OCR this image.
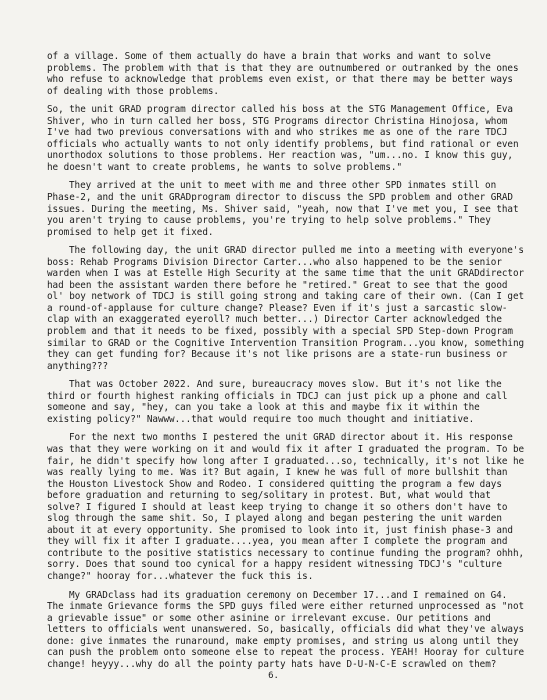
of a village. Some of them actually do have a brain that works and want to solve problems. The problem with that is that they are outnumbered or outranked by the ones who refuse to acknowledge that problems even exist, or that there may be better ways of dealing with those problems.

So, the unit GRAD program director called his boss at the STG Management Office, Eva Shiver, who in turn called her boss, STG Programs director Christina Hinojosa, whom I've had two previous conversations with and who strikes me as one of the rare TDCJ officials who actually wants to not only identify problems, but find rational or even unorthodox solutions to those problems. Her reaction was, "um...no. I know this guy, he doesn't want to create problems, he wants to solve problems."

They arrived at the unit to meet with me and three other SPD inmates still on Phase-2, and the unit GRADprogram director to discuss the SPD problem and other GRAD issues. During the meeting, Ms. Shiver said, "yeah, now that I've met you, I see that you aren't trying to cause problems, you're trying to help solve problems." They promised to help get it fixed.

The following day, the unit GRAD director pulled me into a meeting with everyone's boss: Rehab Programs Division Director Carter...who also happened to be the senior warden when I was at Estelle High Security at the same time that the unit GRADdirector had been the assistant warden there before he "retired." Great to see that the good ol' boy network of TDCJ is still going strong and taking care of their own. (Can I get a round-of-applause for culture change? Please? Even if it's just a sarcastic slow-clap with an exaggerated eyeroll? much better...) Director Carter acknowledged the problem and that it needs to be fixed, possibly with a special SPD Step-down Program similar to GRAD or the Cognitive Intervention Transition Program...you know, something they can get funding for? Because it's not like prisons are a state-run business or anything???

That was October 2022. And sure, bureaucracy moves slow. But it's not like the third or fourth highest ranking officials in TDCJ can just pick up a phone and call someone and say, "hey, can you take a look at this and maybe fix it within the existing policy?" Nawww...that would require too much thought and initiative.

For the next two months I pestered the unit GRAD director about it. His response was that they were working on it and would fix it after I graduated the program. To be fair, he didn't specify how long after I graduated...so, technically, it's not like he was really lying to me. Was it? But again, I knew he was full of more bullshit than the Houston Livestock Show and Rodeo. I considered quitting the program a few days before graduation and returning to seg/solitary in protest. But, what would that solve? I figured I should at least keep trying to change it so others don't have to slog through the same shit. So, I played along and began pestering the unit warden about it at every opportunity. She promised to look into it, just finish phase-3 and they will fix it after I graduate....yea, you mean after I complete the program and contribute to the positive statistics necessary to continue funding the program? ohhh, sorry. Does that sound too cynical for a happy resident witnessing TDCJ's "culture change?" hooray for...whatever the fuck this is.

My GRADclass had its graduation ceremony on December 17...and I remained on G4. The inmate Grievance forms the SPD guys filed were either returned unprocessed as "not a grievable issue" or some other asinine or irrelevant excuse. Our petitions and letters to officials went unanswered. So, basically, officials did what they've always done: give inmates the runaround, make empty promises, and string us along until they can push the problem onto someone else to repeat the process. YEAH! Hooray for culture change! heyyy...why do all the pointy party hats have D-U-N-C-E scrawled on them?

6.
